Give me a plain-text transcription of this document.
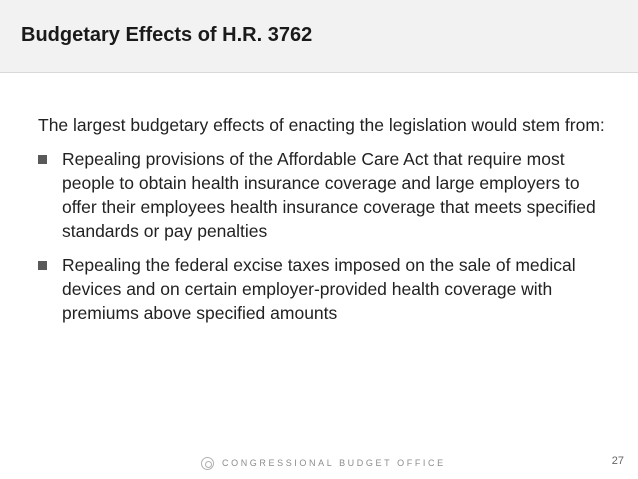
Budgetary Effects of H.R. 3762

The largest budgetary effects of enacting the legislation would stem from:

Repealing provisions of the Affordable Care Act that require most people to obtain health insurance coverage and large employers to offer their employees health insurance coverage that meets specified standards or pay penalties
Repealing the federal excise taxes imposed on the sale of medical devices and on certain employer-provided health coverage with premiums above specified amounts
CONGRESSIONAL BUDGET OFFICE	27
